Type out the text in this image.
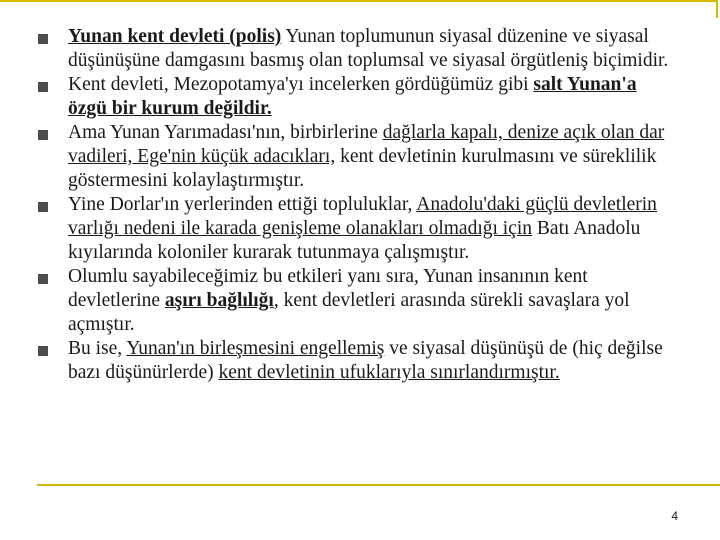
Yunan kent devleti (polis) Yunan toplumunun siyasal düzenine ve siyasal düşünüşüne damgasını basmış olan toplumsal ve siyasal örgütleniş biçimidir.
Kent devleti, Mezopotamya'yı incelerken gördüğümüz gibi salt Yunan'a özgü bir kurum değildir.
Ama Yunan Yarımadası'nın, birbirlerine dağlarla kapalı, denize açık olan dar vadileri, Ege'nin küçük adacıkları, kent devletinin kurulmasını ve süreklilik göstermesini kolaylaştırmıştır.
Yine Dorlar'ın yerlerinden ettiği topluluklar, Anadolu'daki güçlü devletlerin varlığı nedeni ile karada genişleme olanakları olmadığı için Batı Anadolu kıyılarında koloniler kurarak tutunmaya çalışmıştır.
Olumlu sayabileceğimiz bu etkileri yanı sıra, Yunan insanının kent devletlerine aşırı bağlılığı, kent devletleri arasında sürekli savaşlara yol açmıştır.
Bu ise, Yunan'ın birleşmesini engellemiş ve siyasal düşünüşü de (hiç değilse bazı düşünürlerde) kent devletinin ufuklarıyla sınırlandırmıştır.
4
